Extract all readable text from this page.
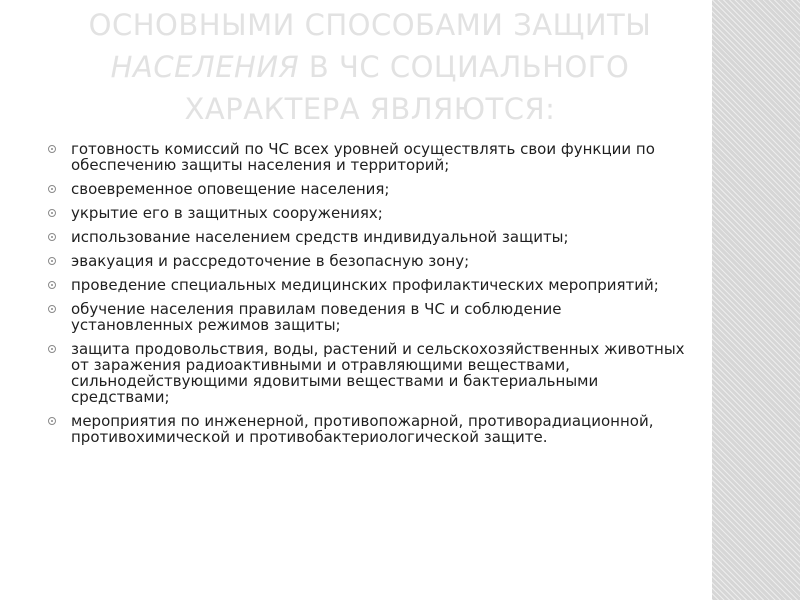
ОСНОВНЫМИ СПОСОБАМИ ЗАЩИТЫ
НАСЕЛЕНИЯ В ЧС СОЦИАЛЬНОГО
ХАРАКТЕРА ЯВЛЯЮТСЯ:
готовность комиссий по ЧС всех уровней осуществлять свои функции по обеспечению защиты населения и территорий;
своевременное оповещение населения;
укрытие его в защитных сооружениях;
использование населением средств индивидуальной защиты;
эвакуация и рассредоточение в безопасную зону;
проведение специальных медицинских профилактических мероприятий;
обучение населения правилам поведения в ЧС и соблюдение установленных режимов защиты;
защита продовольствия, воды, растений и сельскохозяйственных животных от заражения радиоактивными и отравляющими веществами, сильнодействующими ядовитыми веществами и бактериальными средствами;
мероприятия по инженерной, противопожарной, противорадиационной, противохимической и противобактериологической защите.
